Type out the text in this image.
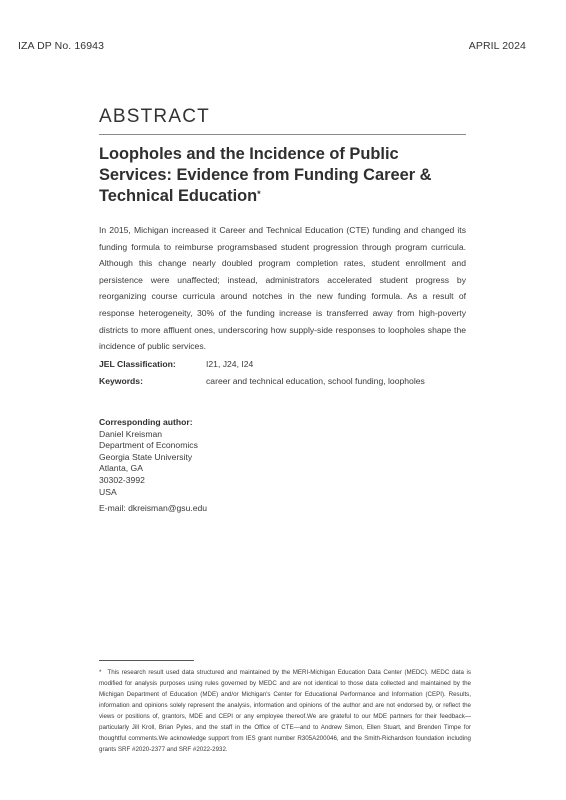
IZA DP No. 16943	APRIL 2024
ABSTRACT
Loopholes and the Incidence of Public Services: Evidence from Funding Career & Technical Education*
In 2015, Michigan increased it Career and Technical Education (CTE) funding and changed its funding formula to reimburse programsbased student progression through program curricula. Although this change nearly doubled program completion rates, student enrollment and persistence were unaffected; instead, administrators accelerated student progress by reorganizing course curricula around notches in the new funding formula. As a result of response heterogeneity, 30% of the funding increase is transferred away from high-poverty districts to more affluent ones, underscoring how supply-side responses to loopholes shape the incidence of public services.
JEL Classification:	I21, J24, I24
Keywords:	career and technical education, school funding, loopholes
Corresponding author:
Daniel Kreisman
Department of Economics
Georgia State University
Atlanta, GA
30302-3992
USA
E-mail: dkreisman@gsu.edu
* This research result used data structured and maintained by the MERI-Michigan Education Data Center (MEDC). MEDC data is modified for analysis purposes using rules governed by MEDC and are not identical to those data collected and maintained by the Michigan Department of Education (MDE) and/or Michigan's Center for Educational Performance and Information (CEPI). Results, information and opinions solely represent the analysis, information and opinions of the author and are not endorsed by, or reflect the views or positions of, grantors, MDE and CEPI or any employee thereof.We are grateful to our MDE partners for their feedback—particularly Jill Kroll, Brian Pyles, and the staff in the Office of CTE—and to Andrew Simon, Ellen Stuart, and Brenden Timpe for thoughtful comments.We acknowledge support from IES grant number R305A200046, and the Smith-Richardson foundation including grants SRF #2020-2377 and SRF #2022-2932.
